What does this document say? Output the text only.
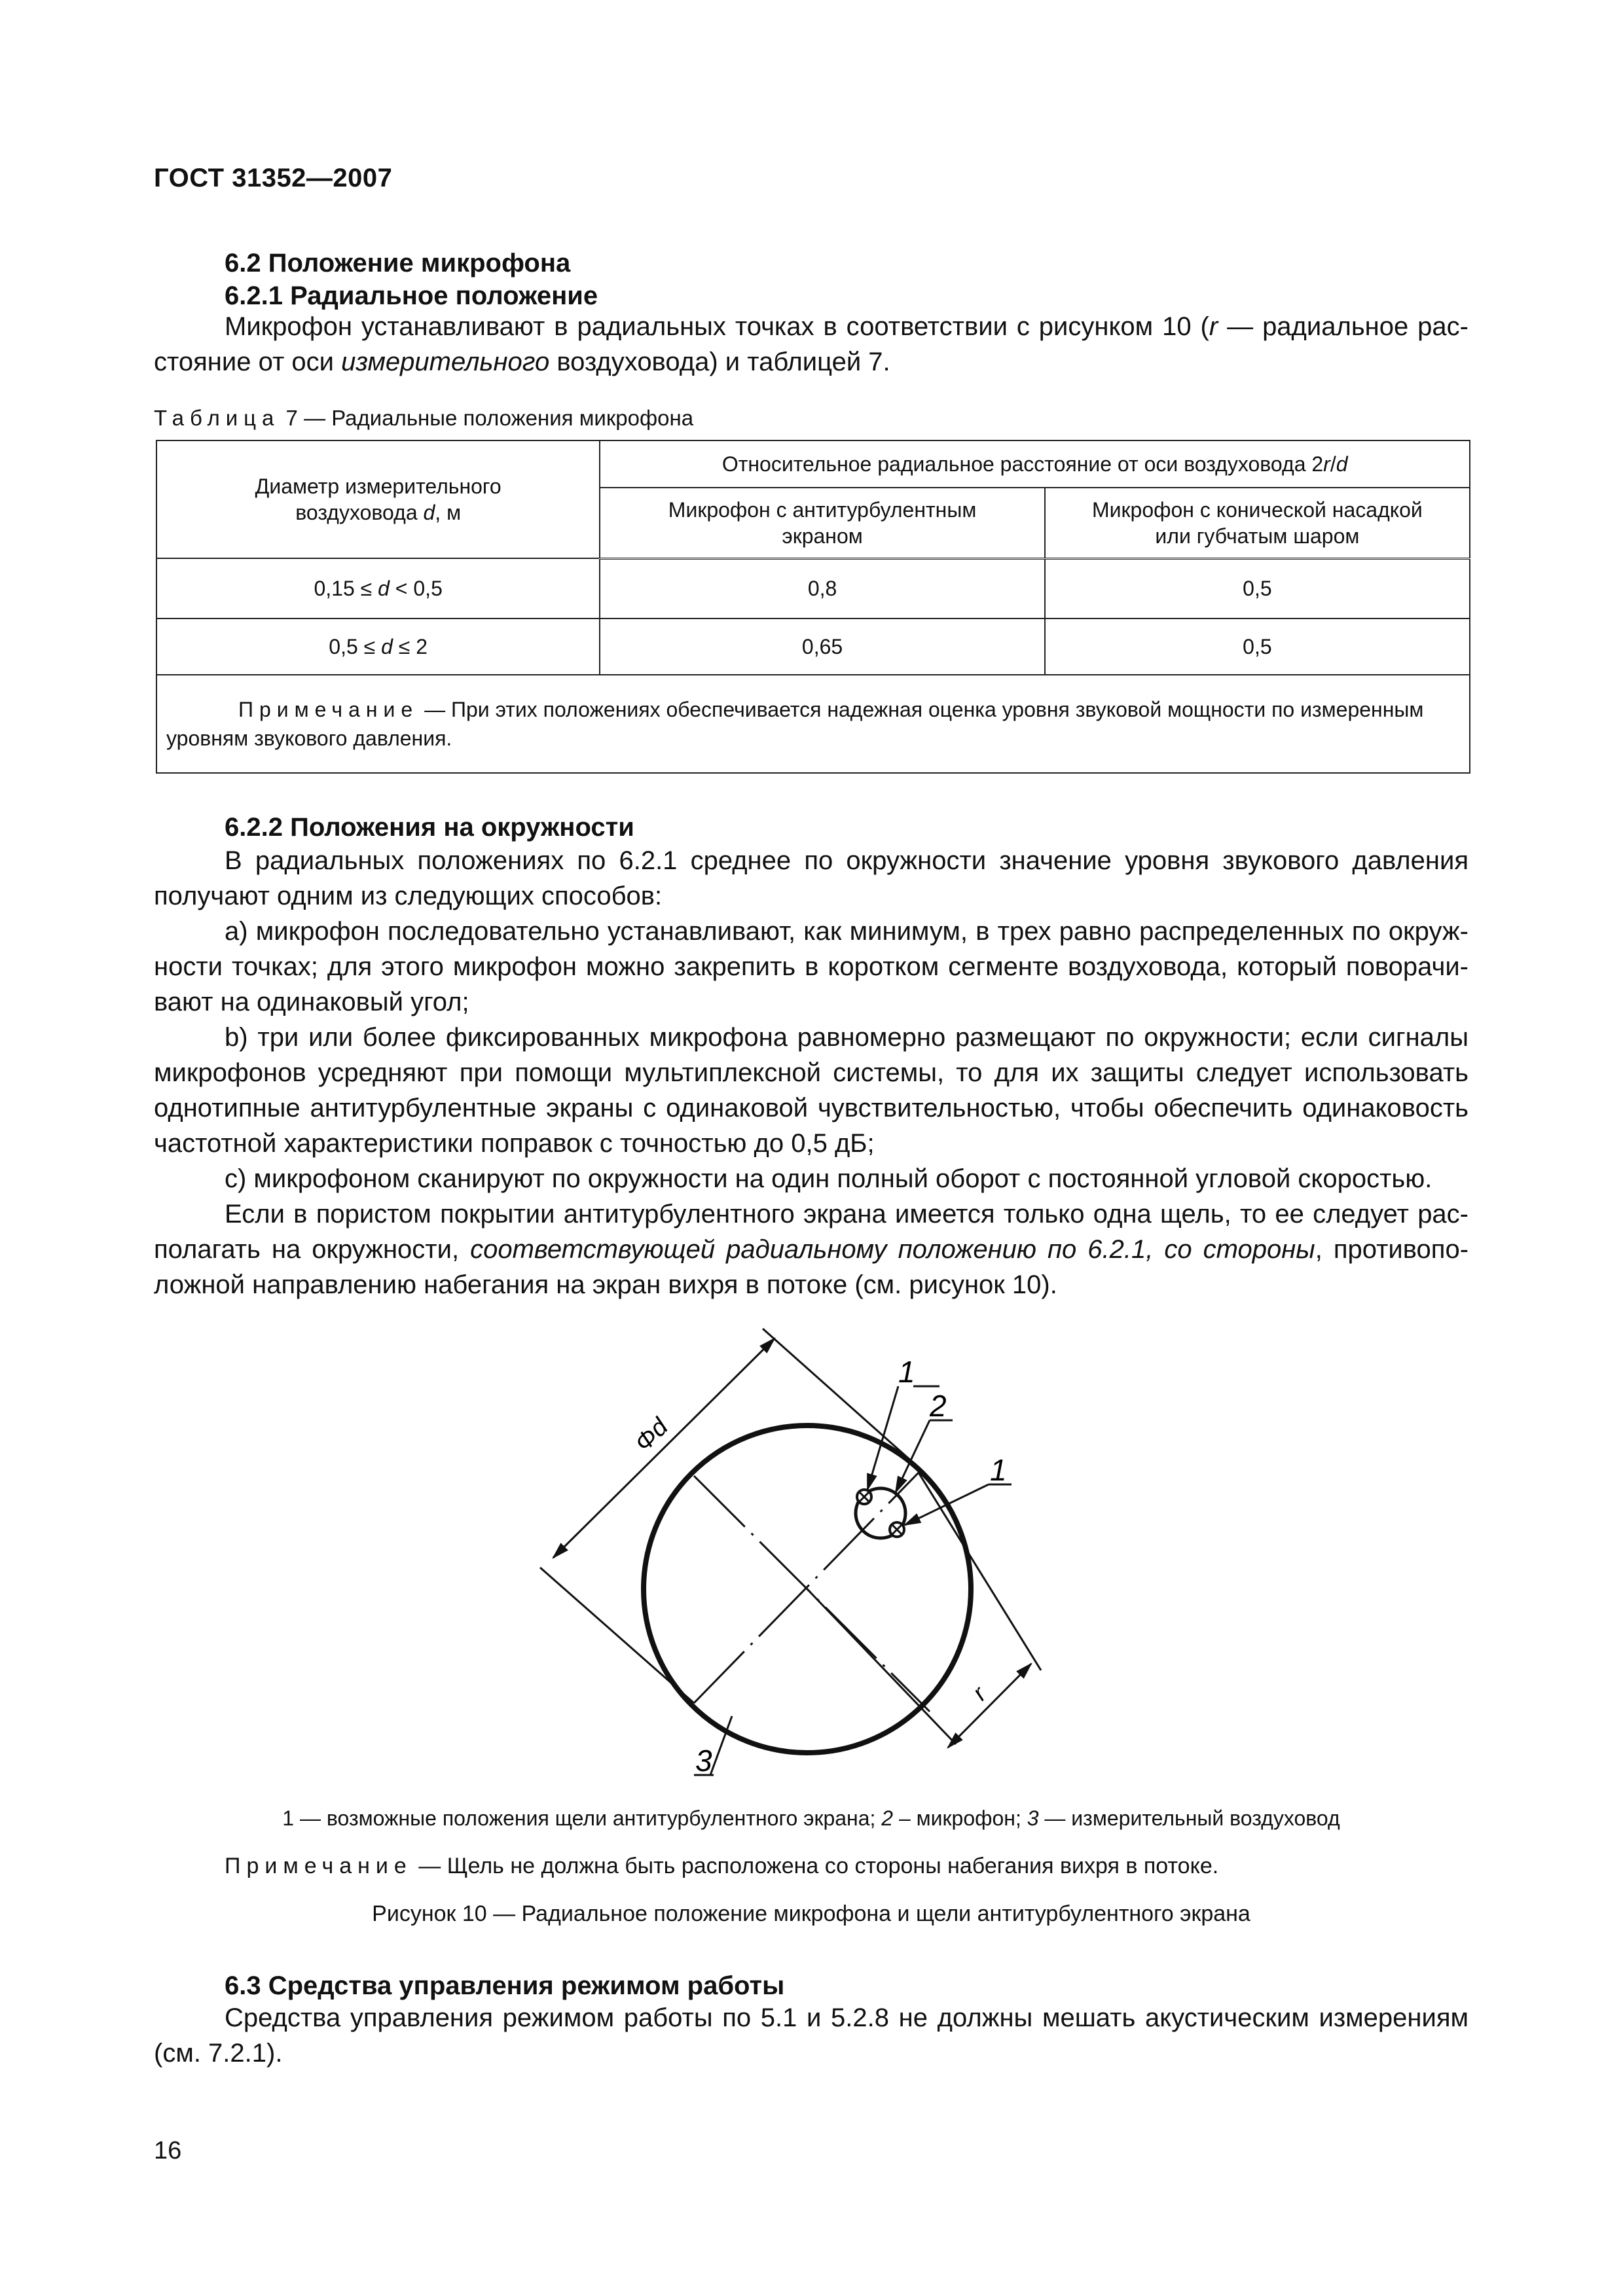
ГОСТ 31352—2007
6.2 Положение микрофона
6.2.1 Радиальное положение
Микрофон устанавливают в радиальных точках в соответствии с рисунком 10 (r — радиальное рас-стояние от оси измерительного воздуховода) и таблицей 7.
Таблица 7 — Радиальные положения микрофона
Диаметр измерительного воздуховода d, м	Относительное радиальное расстояние от оси воздуховода 2r/d	
	Микрофон с антитурбулентным экраном	Микрофон с конической насадкой или губчатым шаром
0,15 ≤ d < 0,5	0,8	0,5
0,5 ≤ d ≤ 2	0,65	0,5
Примечание — При этих положениях обеспечивается надежная оценка уровня звуковой мощности по измеренным уровням звукового давления.		
6.2.2 Положения на окружности
В радиальных положениях по 6.2.1 среднее по окружности значение уровня звукового давления получают одним из следующих способов:
а) микрофон последовательно устанавливают, как минимум, в трех равно распределенных по окруж-ности точках; для этого микрофон можно закрепить в коротком сегменте воздуховода, который поворачи-вают на одинаковый угол;
b) три или более фиксированных микрофона равномерно размещают по окружности; если сигналы микрофонов усредняют при помощи мультиплексной системы, то для их защиты следует использовать однотипные антитурбулентные экраны с одинаковой чувствительностью, чтобы обеспечить одинаковость частотной характеристики поправок с точностью до 0,5 дБ;
с) микрофоном сканируют по окружности на один полный оборот с постоянной угловой скоростью.
Если в пористом покрытии антитурбулентного экрана имеется только одна щель, то ее следует рас-полагать на окружности, соответствующей радиальному положению по 6.2.1, со стороны, противопо-ложной направлению набегания на экран вихря в потоке (см. рисунок 10).
Φd
r
1
2
1
3
1 — возможные положения щели антитурбулентного экрана; 2 – микрофон; 3 — измерительный воздуховод
Примечание — Щель не должна быть расположена со стороны набегания вихря в потоке.
Рисунок 10 — Радиальное положение микрофона и щели антитурбулентного экрана
6.3 Средства управления режимом работы
Средства управления режимом работы по 5.1 и 5.2.8 не должны мешать акустическим измерениям (см. 7.2.1).
16
